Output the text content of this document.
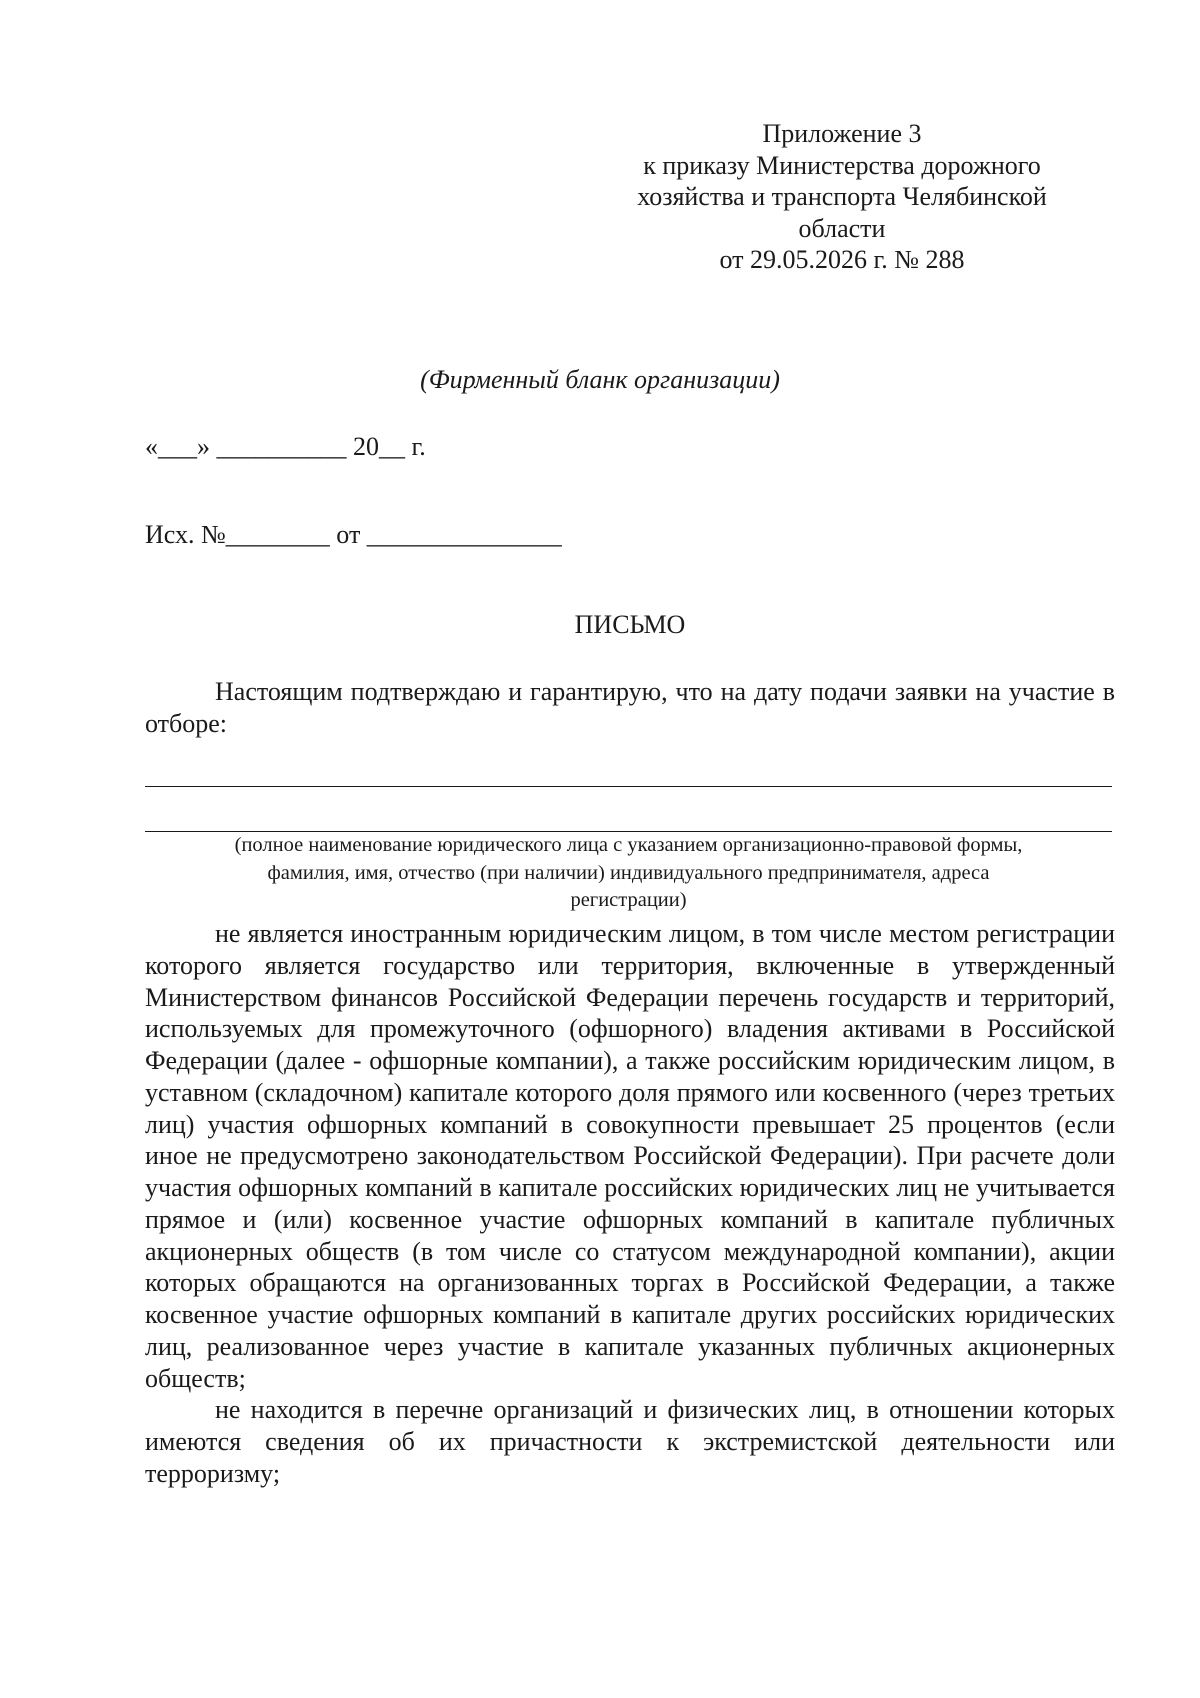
Приложение 3
к приказу Министерства дорожного
хозяйства и транспорта Челябинской
области
от 29.05.2026 г. № 288
(Фирменный бланк организации)
«___» __________ 20__ г.
Исх. №________ от _______________
ПИСЬМО

Настоящим подтверждаю и гарантирую, что на дату подачи заявки на участие в отборе:

(полное наименование юридического лица с указанием организационно-правовой формы,
фамилия, имя, отчество (при наличии) индивидуального предпринимателя, адреса
регистрации)

не является иностранным юридическим лицом, в том числе местом регистрации которого является государство или территория, включенные в утвержденный Министерством финансов Российской Федерации перечень государств и территорий, используемых для промежуточного (офшорного) владения активами в Российской Федерации (далее - офшорные компании), а также российским юридическим лицом, в уставном (складочном) капитале которого доля прямого или косвенного (через третьих лиц) участия офшорных компаний в совокупности превышает 25 процентов (если иное не предусмотрено законодательством Российской Федерации). При расчете доли участия офшорных компаний в капитале российских юридических лиц не учитывается прямое и (или) косвенное участие офшорных компаний в капитале публичных акционерных обществ (в том числе со статусом международной компании), акции которых обращаются на организованных торгах в Российской Федерации, а также косвенное участие офшорных компаний в капитале других российских юридических лиц, реализованное через участие в капитале указанных публичных акционерных обществ;

не находится в перечне организаций и физических лиц, в отношении которых имеются сведения об их причастности к экстремистской деятельности или терроризму;
